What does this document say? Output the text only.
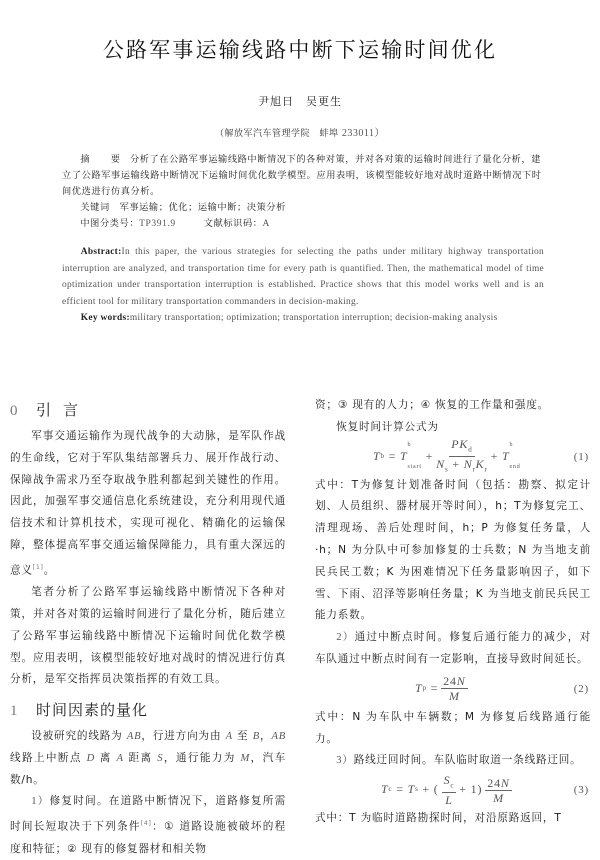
公路军事运输线路中断下运输时间优化
尹旭日　吴更生
（解放军汽车管理学院　蚌埠 233011）

摘　要 分析了在公路军事运输线路中断情况下的各种对策，并对各对策的运输时间进行了量化分析，建立了公路军事运输线路中断情况下运输时间优化数学模型。应用表明，该模型能较好地对战时道路中断情况下时间优选进行仿真分析。

关键词　 军事运输；优化；运输中断；决策分析

中图分类号：TP391.9	文献标识码：A

Abstract:In this paper, the various strategies for selecting the paths under military highway transportation interruption are analyzed, and transportation time for every path is quantified. Then, the mathematical model of time optimization under transportation interruption is established. Practice shows that this model works well and is an efficient tool for military transportation commanders in decision-making.

Key words:military transportation; optimization; transportation interruption; decision-making analysis

0 引言

军事交通运输作为现代战争的大动脉，是军队作战的生命线，它对于军队集结部署兵力、展开作战行动、保障战争需求乃至夺取战争胜利都起到关键性的作用。因此，加强军事交通信息化系统建设，充分利用现代通信技术和计算机技术，实现可视化、精确化的运输保障，整体提高军事交通运输保障能力，具有重大深远的意义[1]。

笔者分析了公路军事运输线路中断情况下各种对策，并对各对策的运输时间进行了量化分析，随后建立了公路军事运输线路中断情况下运输时间优化数学模型。应用表明，该模型能较好地对战时的情况进行仿真分析，是军交指挥员决策指挥的有效工具。

1 时间因素的量化

设被研究的线路为 AB，行进方向为由 A 至 B，AB 线路上中断点 D 离 A 距离 S，通行能力为 M，汽车数/h。

1）修复时间。在道路中断情况下，道路修复所需时间长短取决于下列条件[4]：① 道路设施被破坏的程度和特征；② 现有的修复器材和相关物

资；③ 现有的人力；④ 恢复的工作量和强度。

恢复时间计算公式为

T b = T
b
start
+ $\frac{PK_d}{N_s + N_rK_r} + T$
b
end
(1)

式中：T为修复计划准备时间（包括：勘察、拟定计划、人员组织、器材展开等时间），h；T为修复完工、清理现场、善后处理时间，h；P 为修复任务量，人·h；N 为分队中可参加修复的士兵数；N 为当地支前民兵民工数；K 为困难情况下任务量影响因子，如下雪、下雨、沼泽等影响任务量；K 为当地支前民兵民工能力系数。

2）通过中断点时间。修复后通行能力的减少，对车队通过中断点时间有一定影响，直接导致时间延长。

T $p = \frac{24N}{M}$	(2)

式中：N 为车队中车辆数；M 为修复后线路通行能力。

3）路线迂回时间。车队临时取道一条线路迂回。

T c = T s + ( $\frac{S_c}{L} + 1) \frac{24N}{M}$	(3)

式中：T 为临时道路勘探时间，对沿原路返回，T
